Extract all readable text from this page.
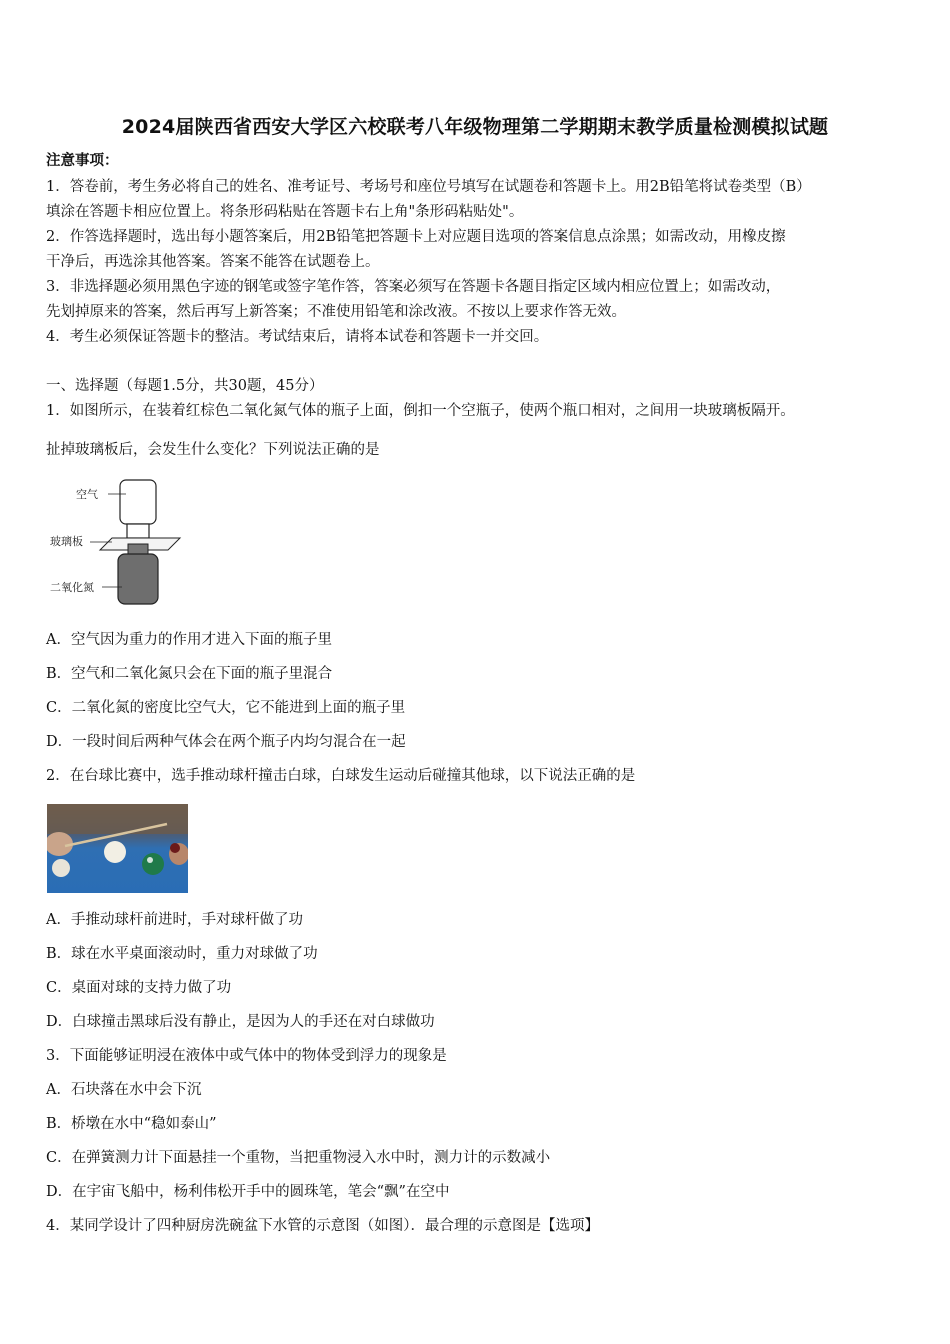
2024届陕西省西安大学区六校联考八年级物理第二学期期末教学质量检测模拟试题
注意事项：
1．答卷前，考生务必将自己的姓名、准考证号、考场号和座位号填写在试题卷和答题卡上。用2B铅笔将试卷类型（B）
填涂在答题卡相应位置上。将条形码粘贴在答题卡右上角"条形码粘贴处"。
2．作答选择题时，选出每小题答案后，用2B铅笔把答题卡上对应题目选项的答案信息点涂黑；如需改动，用橡皮擦
干净后，再选涂其他答案。答案不能答在试题卷上。
3．非选择题必须用黑色字迹的钢笔或签字笔作答，答案必须写在答题卡各题目指定区域内相应位置上；如需改动，
先划掉原来的答案，然后再写上新答案；不准使用铅笔和涂改液。不按以上要求作答无效。
4．考生必须保证答题卡的整洁。考试结束后，请将本试卷和答题卡一并交回。
一、选择题（每题1.5分，共30题，45分）
1．如图所示，在装着红棕色二氧化氮气体的瓶子上面，倒扣一个空瓶子，使两个瓶口相对，之间用一块玻璃板隔开。
扯掉玻璃板后，会发生什么变化？下列说法正确的是
空气
玻璃板
二氧化氮
A．空气因为重力的作用才进入下面的瓶子里
B．空气和二氧化氮只会在下面的瓶子里混合
C．二氧化氮的密度比空气大，它不能进到上面的瓶子里
D．一段时间后两种气体会在两个瓶子内均匀混合在一起
2．在台球比赛中，选手推动球杆撞击白球，白球发生运动后碰撞其他球，以下说法正确的是
A．手推动球杆前进时，手对球杆做了功
B．球在水平桌面滚动时，重力对球做了功
C．桌面对球的支持力做了功
D．白球撞击黑球后没有静止，是因为人的手还在对白球做功
3．下面能够证明浸在液体中或气体中的物体受到浮力的现象是
A．石块落在水中会下沉
B．桥墩在水中“稳如泰山”
C．在弹簧测力计下面悬挂一个重物，当把重物浸入水中时，测力计的示数减小
D．在宇宙飞船中，杨利伟松开手中的圆珠笔，笔会“飘”在空中
4．某同学设计了四种厨房洗碗盆下水管的示意图（如图）．最合理的示意图是【选项】
